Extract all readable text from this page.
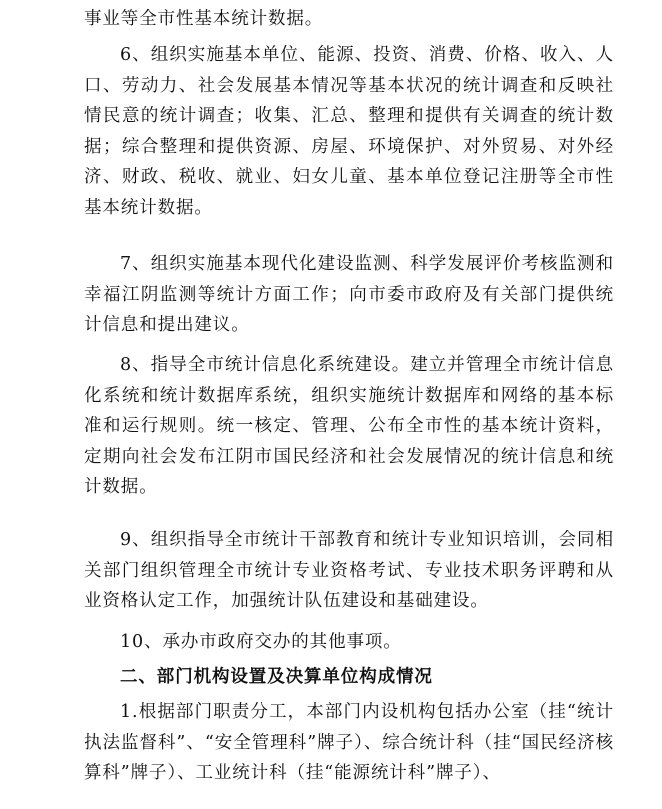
事业等全市性基本统计数据。

6、组织实施基本单位、能源、投资、消费、价格、收入、人口、劳动力、社会发展基本情况等基本状况的统计调查和反映社情民意的统计调查；收集、汇总、整理和提供有关调查的统计数据；综合整理和提供资源、房屋、环境保护、对外贸易、对外经济、财政、税收、就业、妇女儿童、基本单位登记注册等全市性基本统计数据。

7、组织实施基本现代化建设监测、科学发展评价考核监测和幸福江阴监测等统计方面工作；向市委市政府及有关部门提供统计信息和提出建议。

8、指导全市统计信息化系统建设。建立并管理全市统计信息化系统和统计数据库系统，组织实施统计数据库和网络的基本标准和运行规则。统一核定、管理、公布全市性的基本统计资料，定期向社会发布江阴市国民经济和社会发展情况的统计信息和统计数据。

9、组织指导全市统计干部教育和统计专业知识培训，会同相关部门组织管理全市统计专业资格考试、专业技术职务评聘和从业资格认定工作，加强统计队伍建设和基础建设。

10、承办市政府交办的其他事项。

二、部门机构设置及决算单位构成情况

1.根据部门职责分工，本部门内设机构包括办公室（挂“统计执法监督科”、“安全管理科”牌子）、综合统计科（挂“国民经济核算科”牌子）、工业统计科（挂“能源统计科”牌子）、
